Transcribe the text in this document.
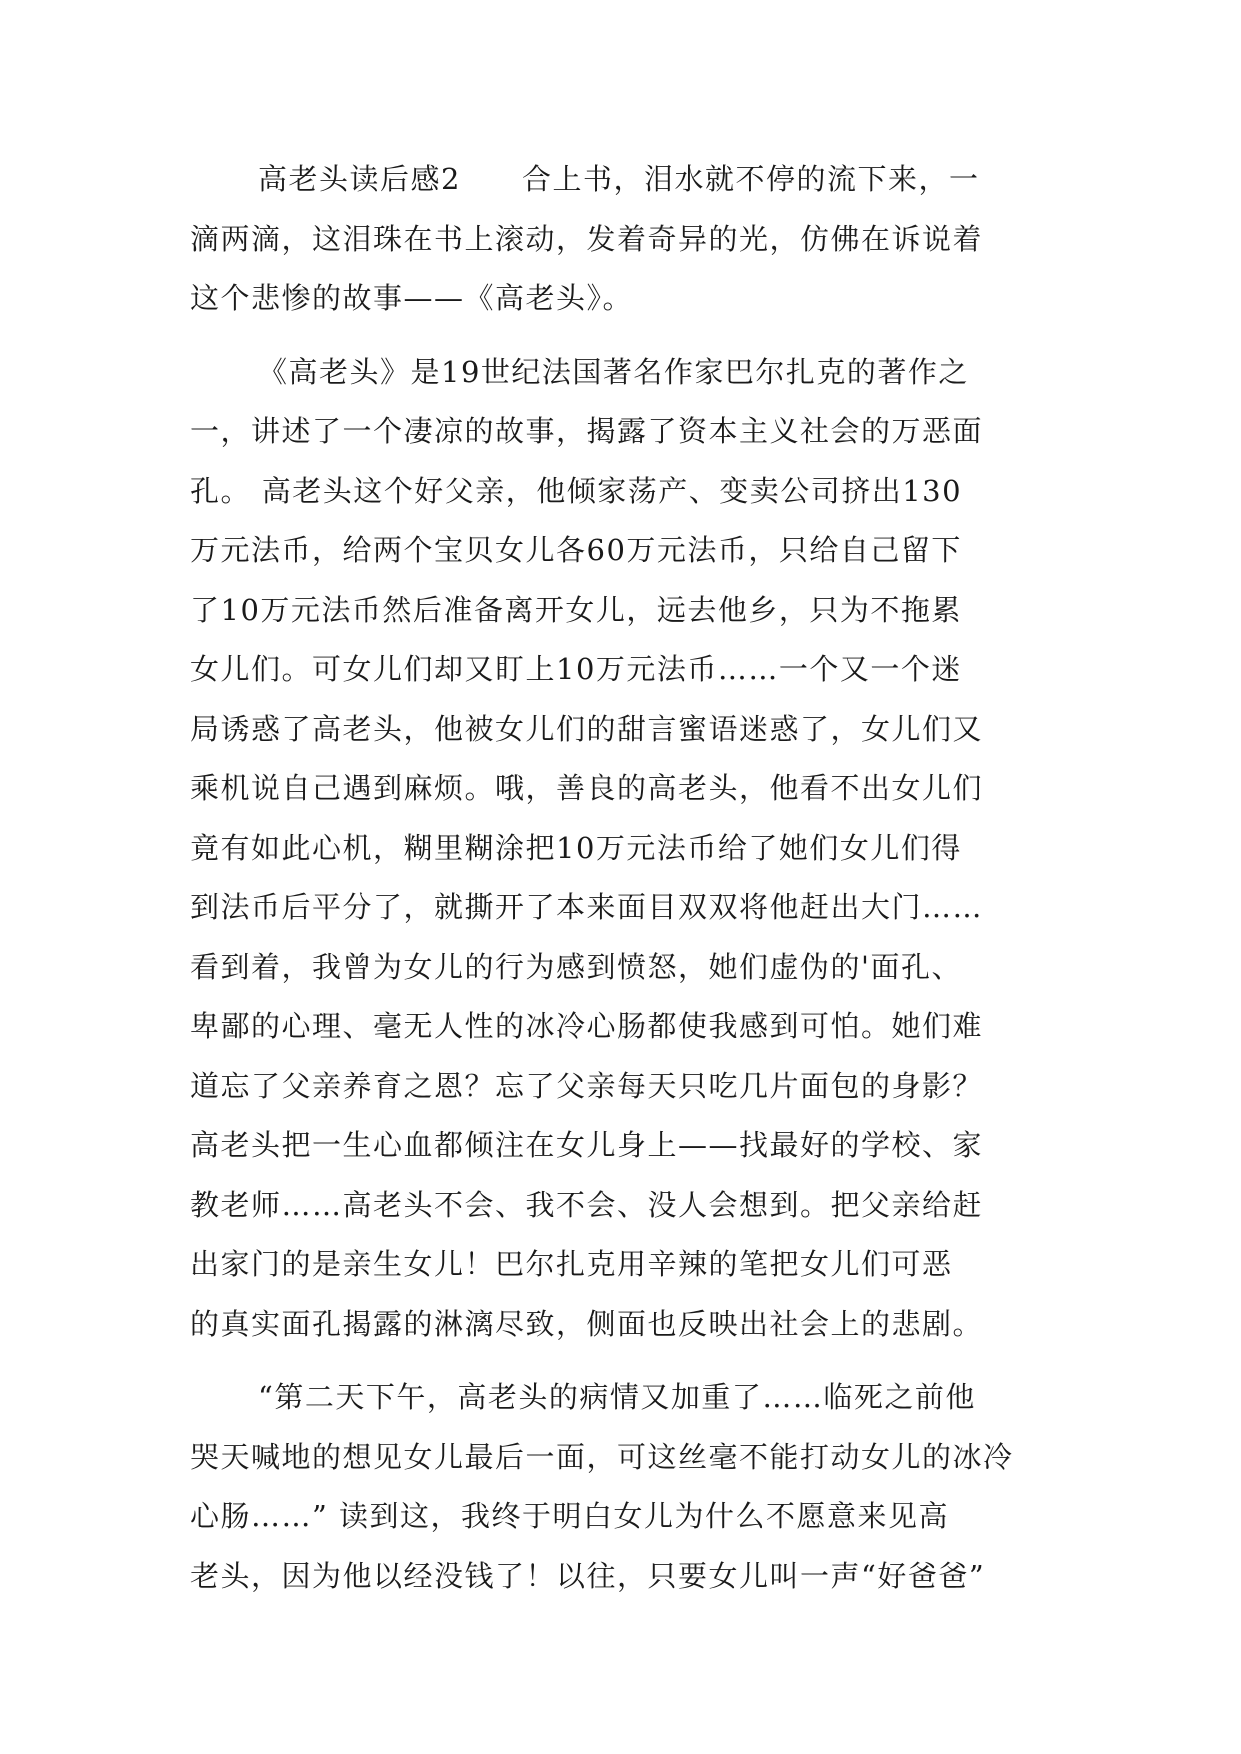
高老头读后感2　　合上书，泪水就不停的流下来，一
滴两滴，这泪珠在书上滚动，发着奇异的光，仿佛在诉说着
这个悲惨的故事——《高老头》。
《高老头》是19世纪法国著名作家巴尔扎克的著作之
一，讲述了一个凄凉的故事，揭露了资本主义社会的万恶面
孔。 高老头这个好父亲，他倾家荡产、变卖公司挤出130
万元法币，给两个宝贝女儿各60万元法币，只给自己留下
了10万元法币然后准备离开女儿，远去他乡，只为不拖累
女儿们。可女儿们却又盯上10万元法币……一个又一个迷
局诱惑了高老头，他被女儿们的甜言蜜语迷惑了，女儿们又
乘机说自己遇到麻烦。哦，善良的高老头，他看不出女儿们
竟有如此心机，糊里糊涂把10万元法币给了她们女儿们得
到法币后平分了，就撕开了本来面目双双将他赶出大门……
看到着，我曾为女儿的行为感到愤怒，她们虚伪的'面孔、
卑鄙的心理、毫无人性的冰冷心肠都使我感到可怕。她们难
道忘了父亲养育之恩？忘了父亲每天只吃几片面包的身影？
高老头把一生心血都倾注在女儿身上——找最好的学校、家
教老师……高老头不会、我不会、没人会想到。把父亲给赶
出家门的是亲生女儿！巴尔扎克用辛辣的笔把女儿们可恶
的真实面孔揭露的淋漓尽致，侧面也反映出社会上的悲剧。
“第二天下午，高老头的病情又加重了……临死之前他
哭天喊地的想见女儿最后一面，可这丝毫不能打动女儿的冰冷
心肠……” 读到这，我终于明白女儿为什么不愿意来见高
老头，因为他以经没钱了！以往，只要女儿叫一声“好爸爸”
